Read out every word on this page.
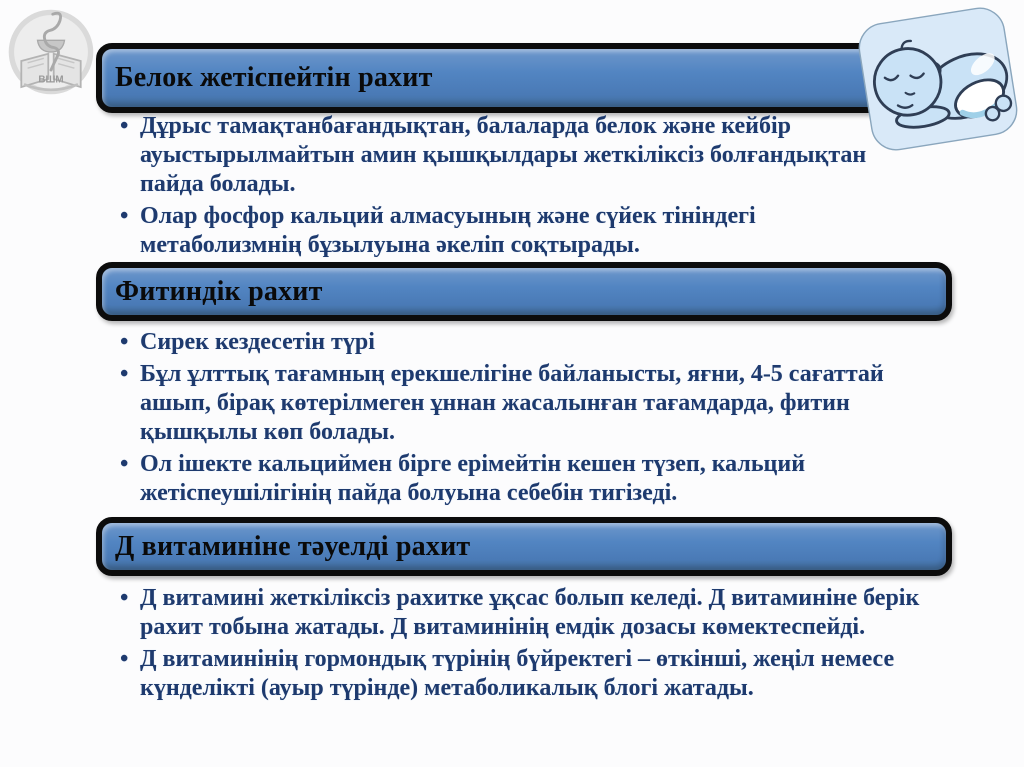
ВШМ Белок жетіспейтін рахит
• Дұрыс тамақтанбағандықтан, балаларда белок және кейбір ауыстырылмайтын амин қышқылдары жеткіліксіз болғандықтан пайда болады.
• Олар фосфор кальций алмасуының және сүйек тініндегі метаболизмнің бұзылуына әкеліп соқтырады.
Фитиндік рахит
• Сирек кездесетін түрі
• Бұл ұлттық тағамның ерекшелігіне байланысты, яғни, 4-5 сағаттай ашып, бірақ көтерілмеген ұннан жасалынған тағамдарда, фитин қышқылы көп болады.
• Ол ішекте кальциймен бірге ерімейтін кешен түзеп, кальций жетіспеушілігінің пайда болуына себебін тигізеді.
Д витаминіне тәуелді рахит
• Д витамині жеткіліксіз рахитке ұқсас болып келеді. Д витаминіне берік рахит тобына жатады. Д витаминінің емдік дозасы көмектеспейді.
• Д витаминінің гормондық түрінің бүйректегі – өткінші, жеңіл немесе күнделікті (ауыр түрінде) метаболикалық блогі жатады.
